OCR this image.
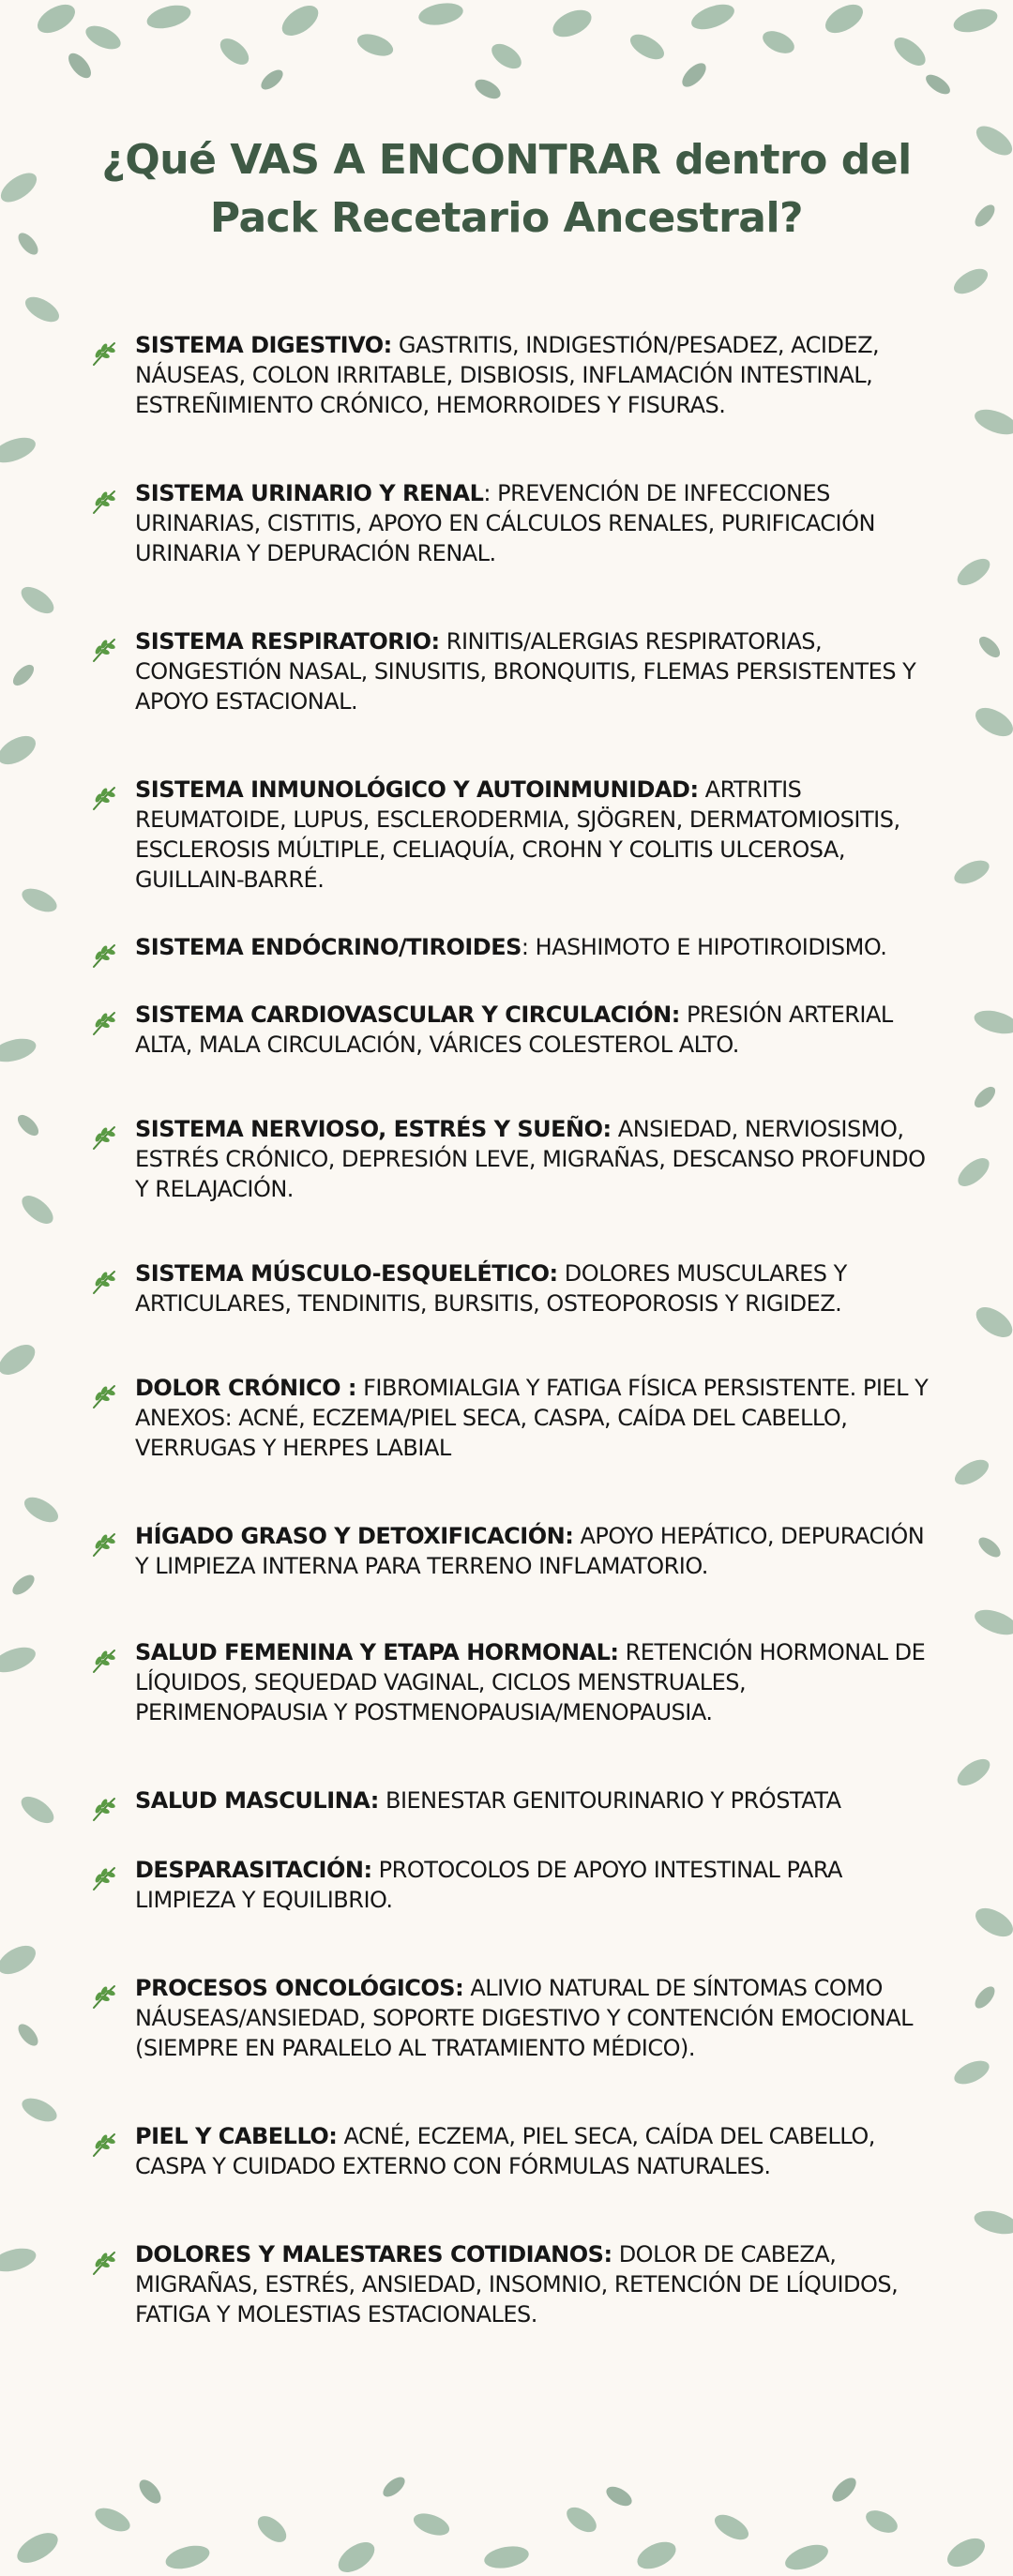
¿Qué VAS A ENCONTRAR dentro del
Pack Recetario Ancestral?
SISTEMA DIGESTIVO: GASTRITIS, INDIGESTIÓN/PESADEZ, ACIDEZ, NÁUSEAS, COLON IRRITABLE, DISBIOSIS, INFLAMACIÓN INTESTINAL, ESTREÑIMIENTO CRÓNICO, HEMORROIDES Y FISURAS.
SISTEMA URINARIO Y RENAL: PREVENCIÓN DE INFECCIONES URINARIAS, CISTITIS, APOYO EN CÁLCULOS RENALES, PURIFICACIÓN URINARIA Y DEPURACIÓN RENAL.
SISTEMA RESPIRATORIO: RINITIS/ALERGIAS RESPIRATORIAS, CONGESTIÓN NASAL, SINUSITIS, BRONQUITIS, FLEMAS PERSISTENTES Y APOYO ESTACIONAL.
SISTEMA INMUNOLÓGICO Y AUTOINMUNIDAD: ARTRITIS REUMATOIDE, LUPUS, ESCLERODERMIA, SJÖGREN, DERMATOMIOSITIS, ESCLEROSIS MÚLTIPLE, CELIAQUÍA, CROHN Y COLITIS ULCEROSA, GUILLAIN-BARRÉ.
SISTEMA ENDÓCRINO/TIROIDES: HASHIMOTO E HIPOTIROIDISMO.
SISTEMA CARDIOVASCULAR Y CIRCULACIÓN: PRESIÓN ARTERIAL ALTA, MALA CIRCULACIÓN, VÁRICES COLESTEROL ALTO.
SISTEMA NERVIOSO, ESTRÉS Y SUEÑO: ANSIEDAD, NERVIOSISMO, ESTRÉS CRÓNICO, DEPRESIÓN LEVE, MIGRAÑAS, DESCANSO PROFUNDO Y RELAJACIÓN.
SISTEMA MÚSCULO-ESQUELÉTICO: DOLORES MUSCULARES Y ARTICULARES, TENDINITIS, BURSITIS, OSTEOPOROSIS Y RIGIDEZ.
DOLOR CRÓNICO : FIBROMIALGIA Y FATIGA FÍSICA PERSISTENTE. PIEL Y ANEXOS: ACNÉ, ECZEMA/PIEL SECA, CASPA, CAÍDA DEL CABELLO, VERRUGAS Y HERPES LABIAL
HÍGADO GRASO Y DETOXIFICACIÓN: APOYO HEPÁTICO, DEPURACIÓN Y LIMPIEZA INTERNA PARA TERRENO INFLAMATORIO.
SALUD FEMENINA Y ETAPA HORMONAL: RETENCIÓN HORMONAL DE LÍQUIDOS, SEQUEDAD VAGINAL, CICLOS MENSTRUALES, PERIMENOPAUSIA Y POSTMENOPAUSIA/MENOPAUSIA.
SALUD MASCULINA: BIENESTAR GENITOURINARIO Y PRÓSTATA
DESPARASITACIÓN: PROTOCOLOS DE APOYO INTESTINAL PARA LIMPIEZA Y EQUILIBRIO.
PROCESOS ONCOLÓGICOS: ALIVIO NATURAL DE SÍNTOMAS COMO NÁUSEAS/ANSIEDAD, SOPORTE DIGESTIVO Y CONTENCIÓN EMOCIONAL (SIEMPRE EN PARALELO AL TRATAMIENTO MÉDICO).
PIEL Y CABELLO: ACNÉ, ECZEMA, PIEL SECA, CAÍDA DEL CABELLO, CASPA Y CUIDADO EXTERNO CON FÓRMULAS NATURALES.
DOLORES Y MALESTARES COTIDIANOS: DOLOR DE CABEZA, MIGRAÑAS, ESTRÉS, ANSIEDAD, INSOMNIO, RETENCIÓN DE LÍQUIDOS, FATIGA Y MOLESTIAS ESTACIONALES.
